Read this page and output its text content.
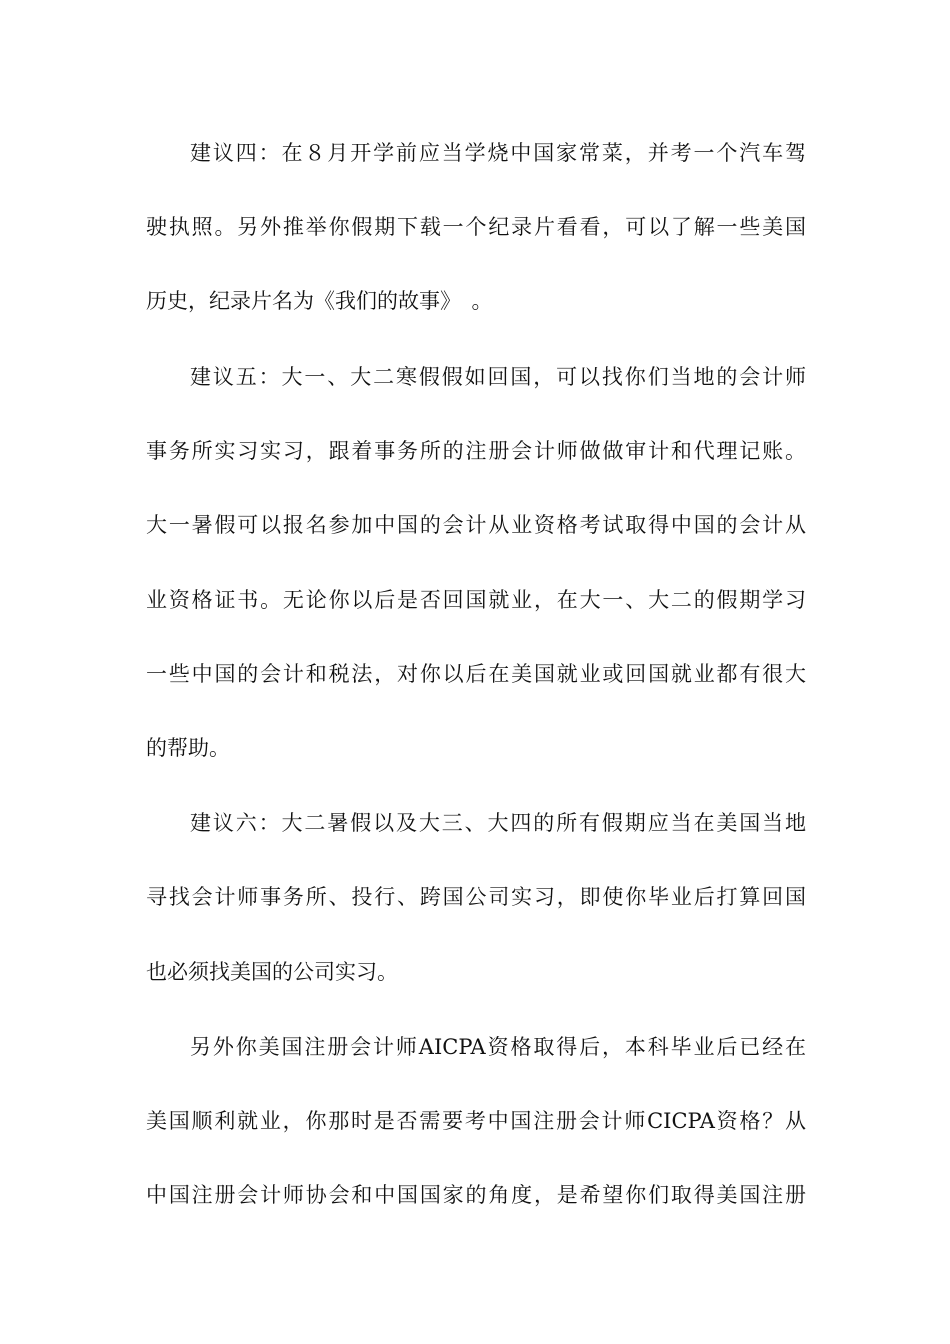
建议四：在８月开学前应当学烧中国家常菜，并考一个汽车驾
驶执照。另外推举你假期下载一个纪录片看看，可以了解一些美国
历史，纪录片名为《我们的故事》　。
建议五：大一、大二寒假假如回国，可以找你们当地的会计师
事务所实习实习，跟着事务所的注册会计师做做审计和代理记账。
大一暑假可以报名参加中国的会计从业资格考试取得中国的会计从
业资格证书。无论你以后是否回国就业，在大一、大二的假期学习
一些中国的会计和税法，对你以后在美国就业或回国就业都有很大
的帮助。
建议六：大二暑假以及大三、大四的所有假期应当在美国当地
寻找会计师事务所、投行、跨国公司实习，即使你毕业后打算回国
也必须找美国的公司实习。
另外你美国注册会计师AICPA资格取得后，本科毕业后已经在
美国顺利就业，你那时是否需要考中国注册会计师CICPA资格？从
中国注册会计师协会和中国国家的角度，是希望你们取得美国注册
